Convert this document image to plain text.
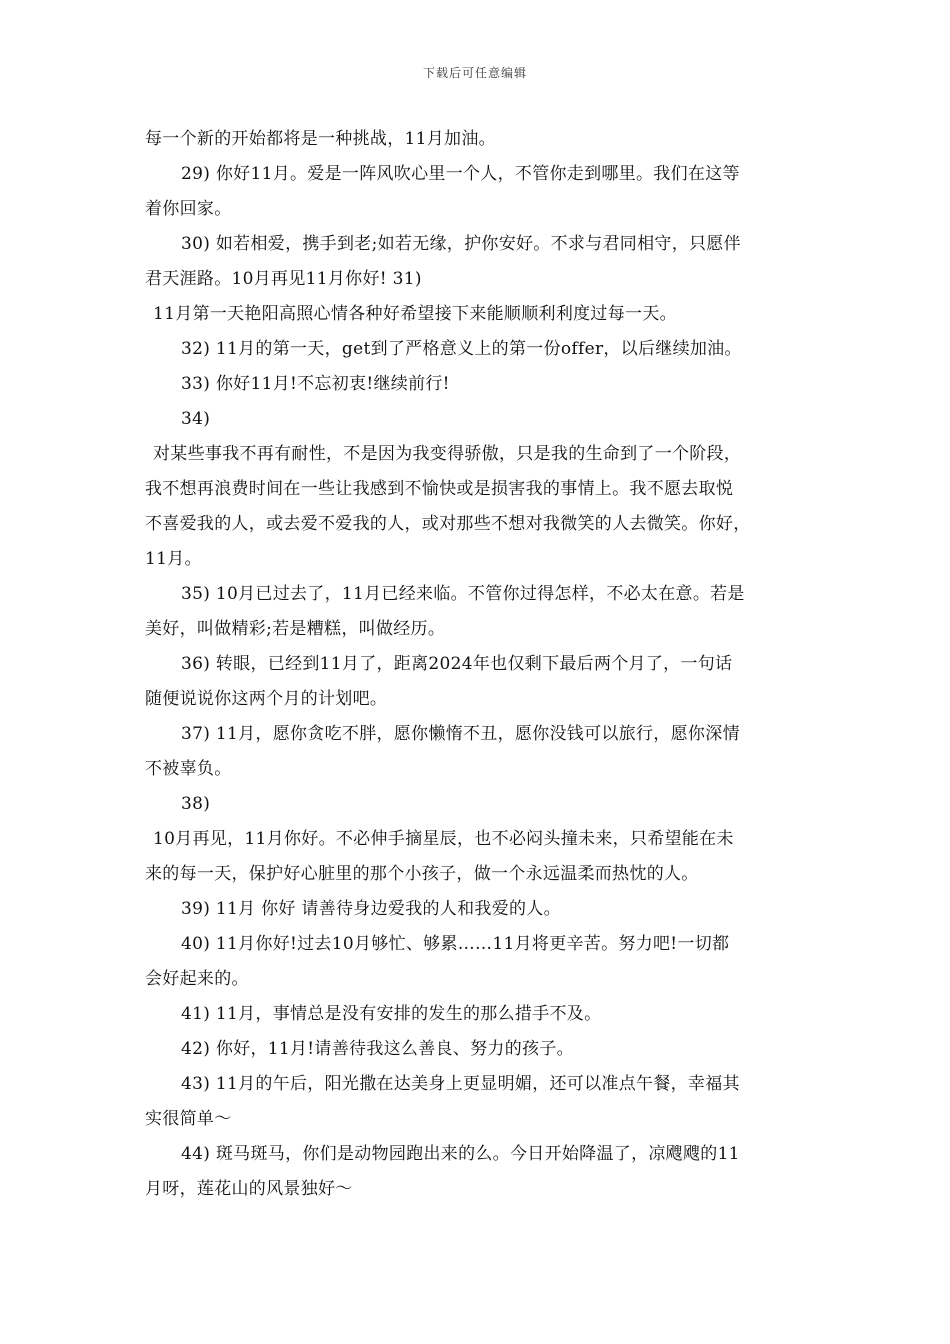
下载后可任意编辑
每一个新的开始都将是一种挑战，11月加油。
29) 你好11月。爱是一阵风吹心里一个人，不管你走到哪里。我们在这等
着你回家。
30) 如若相爱，携手到老;如若无缘，护你安好。不求与君同相守，只愿伴
君天涯路。10月再见11月你好! 31)
11月第一天艳阳高照心情各种好希望接下来能顺顺利利度过每一天。
32) 11月的第一天，get到了严格意义上的第一份offer，以后继续加油。
33) 你好11月!不忘初衷!继续前行!
34)
对某些事我不再有耐性，不是因为我变得骄傲，只是我的生命到了一个阶段，
我不想再浪费时间在一些让我感到不愉快或是损害我的事情上。我不愿去取悦
不喜爱我的人，或去爱不爱我的人，或对那些不想对我微笑的人去微笑。你好，
11月。
35) 10月已过去了，11月已经来临。不管你过得怎样，不必太在意。若是
美好，叫做精彩;若是糟糕，叫做经历。
36) 转眼，已经到11月了，距离2024年也仅剩下最后两个月了，一句话
随便说说你这两个月的计划吧。
37) 11月，愿你贪吃不胖，愿你懒惰不丑，愿你没钱可以旅行，愿你深情
不被辜负。
38)
10月再见，11月你好。不必伸手摘星辰，也不必闷头撞未来，只希望能在未
来的每一天，保护好心脏里的那个小孩子，做一个永远温柔而热忱的人。
39) 11月 你好 请善待身边爱我的人和我爱的人。
40) 11月你好!过去10月够忙、够累……11月将更辛苦。努力吧!一切都
会好起来的。
41) 11月，事情总是没有安排的发生的那么措手不及。
42) 你好，11月!请善待我这么善良、努力的孩子。
43) 11月的午后，阳光撒在达美身上更显明媚，还可以准点午餐，幸福其
实很简单～
44) 斑马斑马，你们是动物园跑出来的么。今日开始降温了，凉飕飕的11
月呀，莲花山的风景独好～
